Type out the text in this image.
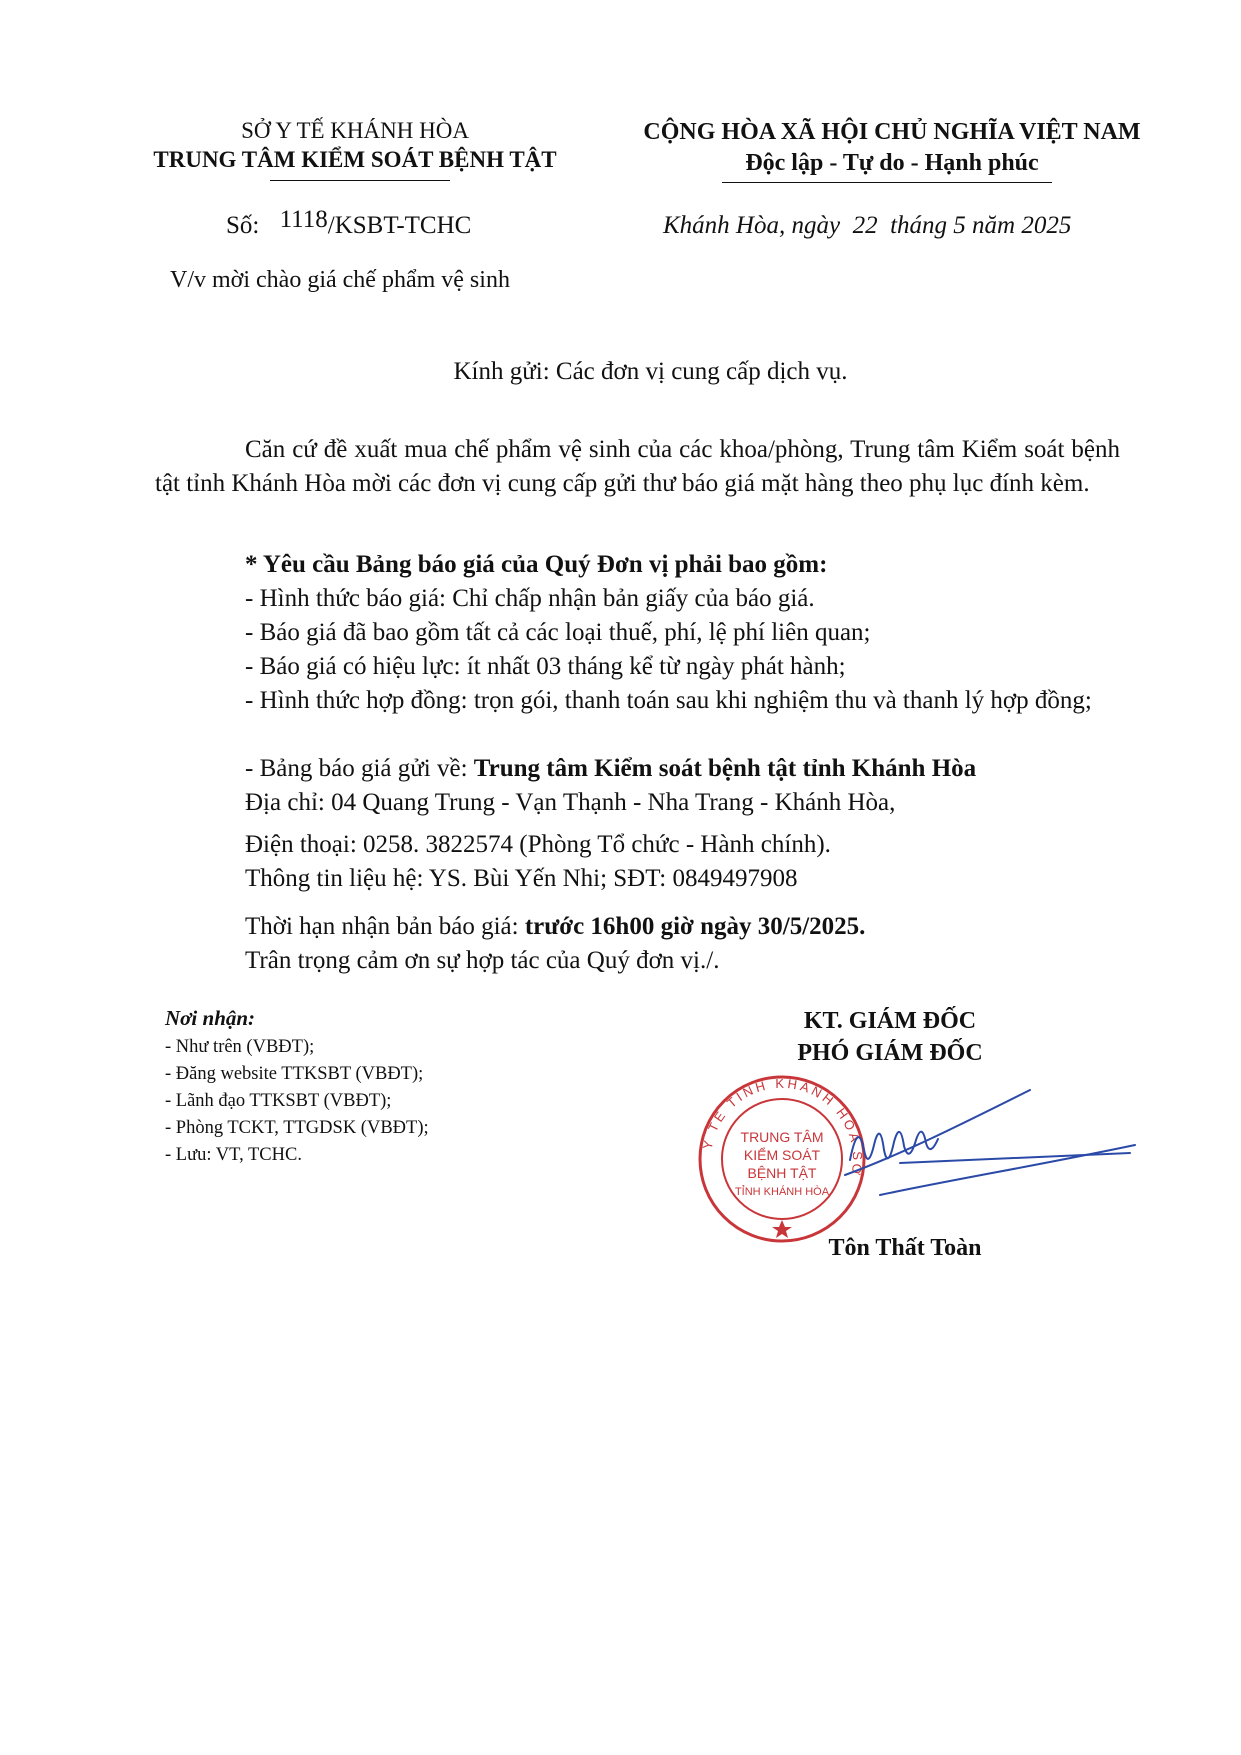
SỞ Y TẾ KHÁNH HÒA
TRUNG TÂM KIỂM SOÁT BỆNH TẬT
CỘNG HÒA XÃ HỘI CHỦ NGHĨA VIỆT NAM
Độc lập - Tự do - Hạnh phúc
Số: 1118/KSBT-TCHC	Khánh Hòa, ngày  22  tháng 5 năm 2025
V/v mời chào giá chế phẩm vệ sinh
Kính gửi: Các đơn vị cung cấp dịch vụ.
Căn cứ đề xuất mua chế phẩm vệ sinh của các khoa/phòng, Trung tâm Kiểm soát bệnh tật tỉnh Khánh Hòa mời các đơn vị cung cấp gửi thư báo giá mặt hàng theo phụ lục đính kèm.
* Yêu cầu Bảng báo giá của Quý Đơn vị phải bao gồm:
- Hình thức báo giá: Chỉ chấp nhận bản giấy của báo giá.
- Báo giá đã bao gồm tất cả các loại thuế, phí, lệ phí liên quan;
- Báo giá có hiệu lực: ít nhất 03 tháng kể từ ngày phát hành;
- Hình thức hợp đồng: trọn gói, thanh toán sau khi nghiệm thu và thanh lý hợp đồng;
- Bảng báo giá gửi về: Trung tâm Kiểm soát bệnh tật tỉnh Khánh Hòa
Địa chỉ: 04 Quang Trung - Vạn Thạnh - Nha Trang - Khánh Hòa,
Điện thoại: 0258. 3822574 (Phòng Tổ chức - Hành chính).
Thông tin liệu hệ: YS. Bùi Yến Nhi; SĐT: 0849497908
Thời hạn nhận bản báo giá: trước 16h00 giờ ngày 30/5/2025.
Trân trọng cảm ơn sự hợp tác của Quý đơn vị./.
Nơi nhận:
- Như trên (VBĐT);
- Đăng website TTKSBT (VBĐT);
- Lãnh đạo TTKSBT (VBĐT);
- Phòng TCKT, TTGDSK (VBĐT);
- Lưu: VT, TCHC.
KT. GIÁM ĐỐC
PHÓ GIÁM ĐỐC
Y TẾ TỈNH KHÁNH HÒA SỞ
TRUNG TÂM
KIỂM SOÁT
BỆNH TẬT
TỈNH KHÁNH HÒA
Tôn Thất Toàn
